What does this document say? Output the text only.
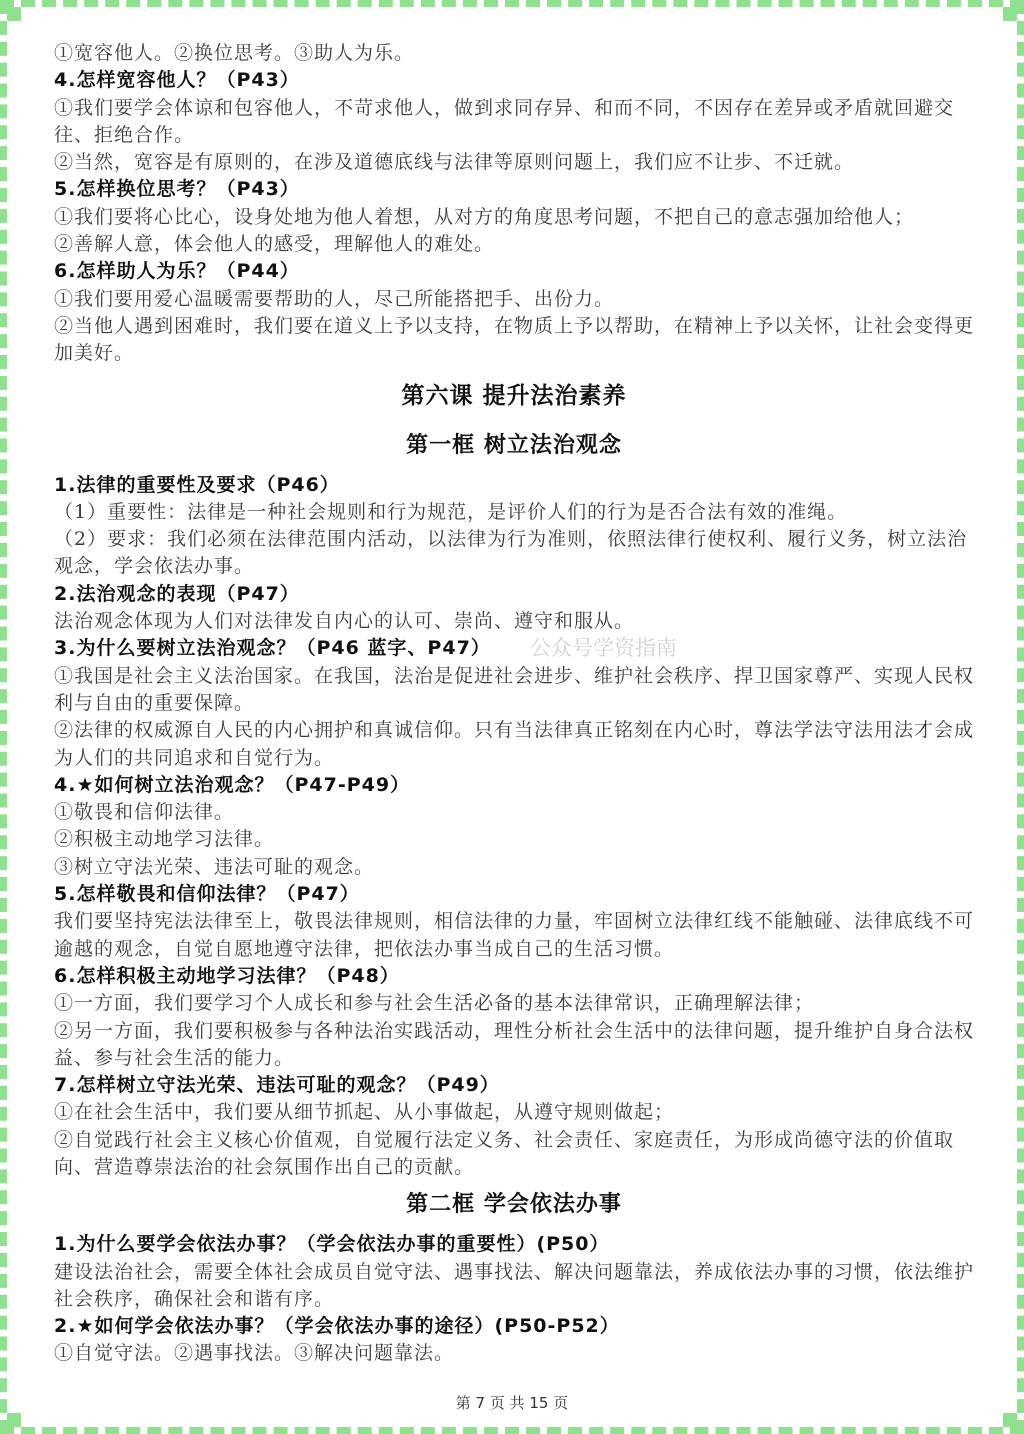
①宽容他人。②换位思考。③助人为乐。

4.怎样宽容他人？（P43）

①我们要学会体谅和包容他人，不苛求他人，做到求同存异、和而不同，不因存在差异或矛盾就回避交往、拒绝合作。

②当然，宽容是有原则的，在涉及道德底线与法律等原则问题上，我们应不让步、不迁就。

5.怎样换位思考？（P43）

①我们要将心比心，设身处地为他人着想，从对方的角度思考问题，不把自己的意志强加给他人；

②善解人意，体会他人的感受，理解他人的难处。

6.怎样助人为乐？（P44）

①我们要用爱心温暖需要帮助的人，尽己所能搭把手、出份力。

②当他人遇到困难时，我们要在道义上予以支持，在物质上予以帮助，在精神上予以关怀，让社会变得更加美好。

第六课 提升法治素养
第一框 树立法治观念

1.法律的重要性及要求（P46）

（1）重要性：法律是一种社会规则和行为规范，是评价人们的行为是否合法有效的准绳。

（2）要求：我们必须在法律范围内活动，以法律为行为准则，依照法律行使权利、履行义务，树立法治观念，学会依法办事。

2.法治观念的表现（P47）

法治观念体现为人们对法律发自内心的认可、崇尚、遵守和服从。

3.为什么要树立法治观念？（P46 蓝字、P47）

①我国是社会主义法治国家。在我国，法治是促进社会进步、维护社会秩序、捍卫国家尊严、实现人民权利与自由的重要保障。

②法律的权威源自人民的内心拥护和真诚信仰。只有当法律真正铭刻在内心时，尊法学法守法用法才会成为人们的共同追求和自觉行为。

4.★如何树立法治观念？（P47-P49）

①敬畏和信仰法律。

②积极主动地学习法律。

③树立守法光荣、违法可耻的观念。

5.怎样敬畏和信仰法律？（P47）

我们要坚持宪法法律至上，敬畏法律规则，相信法律的力量，牢固树立法律红线不能触碰、法律底线不可逾越的观念，自觉自愿地遵守法律，把依法办事当成自己的生活习惯。

6.怎样积极主动地学习法律？（P48）

①一方面，我们要学习个人成长和参与社会生活必备的基本法律常识，正确理解法律；

②另一方面，我们要积极参与各种法治实践活动，理性分析社会生活中的法律问题，提升维护自身合法权益、参与社会生活的能力。

7.怎样树立守法光荣、违法可耻的观念？（P49）

①在社会生活中，我们要从细节抓起、从小事做起，从遵守规则做起；

②自觉践行社会主义核心价值观，自觉履行法定义务、社会责任、家庭责任，为形成尚德守法的价值取向、营造尊崇法治的社会氛围作出自己的贡献。

第二框 学会依法办事

1.为什么要学会依法办事？（学会依法办事的重要性）(P50）

建设法治社会，需要全体社会成员自觉守法、遇事找法、解决问题靠法，养成依法办事的习惯，依法维护社会秩序，确保社会和谐有序。

2.★如何学会依法办事？（学会依法办事的途径）(P50-P52）

①自觉守法。②遇事找法。③解决问题靠法。

公众号学资指南
第 7 页 共 15 页
